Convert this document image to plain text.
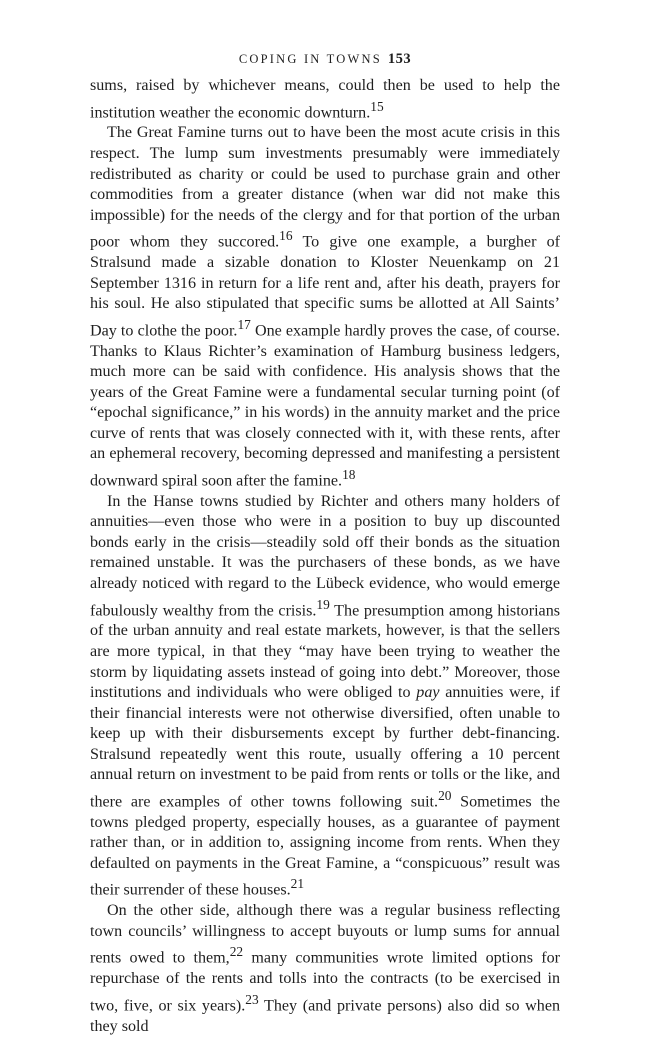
COPING IN TOWNS 153

sums, raised by whichever means, could then be used to help the institution weather the economic downturn.$^{15}$

The Great Famine turns out to have been the most acute crisis in this respect. The lump sum investments presumably were immediately redistributed as charity or could be used to purchase grain and other commodities from a greater distance (when war did not make this impossible) for the needs of the clergy and for that portion of the urban poor whom they succored.$^{16}$ To give one example, a burgher of Stralsund made a sizable donation to Kloster Neuenkamp on 21 September 1316 in return for a life rent and, after his death, prayers for his soul. He also stipulated that specific sums be allotted at All Saints’ Day to clothe the poor.$^{17}$ One example hardly proves the case, of course. Thanks to Klaus Richter’s examination of Hamburg business ledgers, much more can be said with confidence. His analysis shows that the years of the Great Famine were a fundamental secular turning point (of “epochal significance,” in his words) in the annuity market and the price curve of rents that was closely connected with it, with these rents, after an ephemeral recovery, becoming depressed and manifesting a persistent downward spiral soon after the famine.$^{18}$

In the Hanse towns studied by Richter and others many holders of annuities—even those who were in a position to buy up discounted bonds early in the crisis—steadily sold off their bonds as the situation remained unstable. It was the purchasers of these bonds, as we have already noticed with regard to the Lübeck evidence, who would emerge fabulously wealthy from the crisis.$^{19}$ The presumption among historians of the urban annuity and real estate markets, however, is that the sellers are more typical, in that they “may have been trying to weather the storm by liquidating assets instead of going into debt.” Moreover, those institutions and individuals who were obliged to pay annuities were, if their financial interests were not otherwise diversified, often unable to keep up with their disbursements except by further debt-financing. Stralsund repeatedly went this route, usually offering a 10 percent annual return on investment to be paid from rents or tolls or the like, and there are examples of other towns following suit.$^{20}$ Sometimes the towns pledged property, especially houses, as a guarantee of payment rather than, or in addition to, assigning income from rents. When they defaulted on payments in the Great Famine, a “conspicuous” result was their surrender of these houses.$^{21}$

On the other side, although there was a regular business reflecting town councils’ willingness to accept buyouts or lump sums for annual rents owed to them,$^{22}$ many communities wrote limited options for repurchase of the rents and tolls into the contracts (to be exercised in two, five, or six years).$^{23}$ They (and private persons) also did so when they sold
